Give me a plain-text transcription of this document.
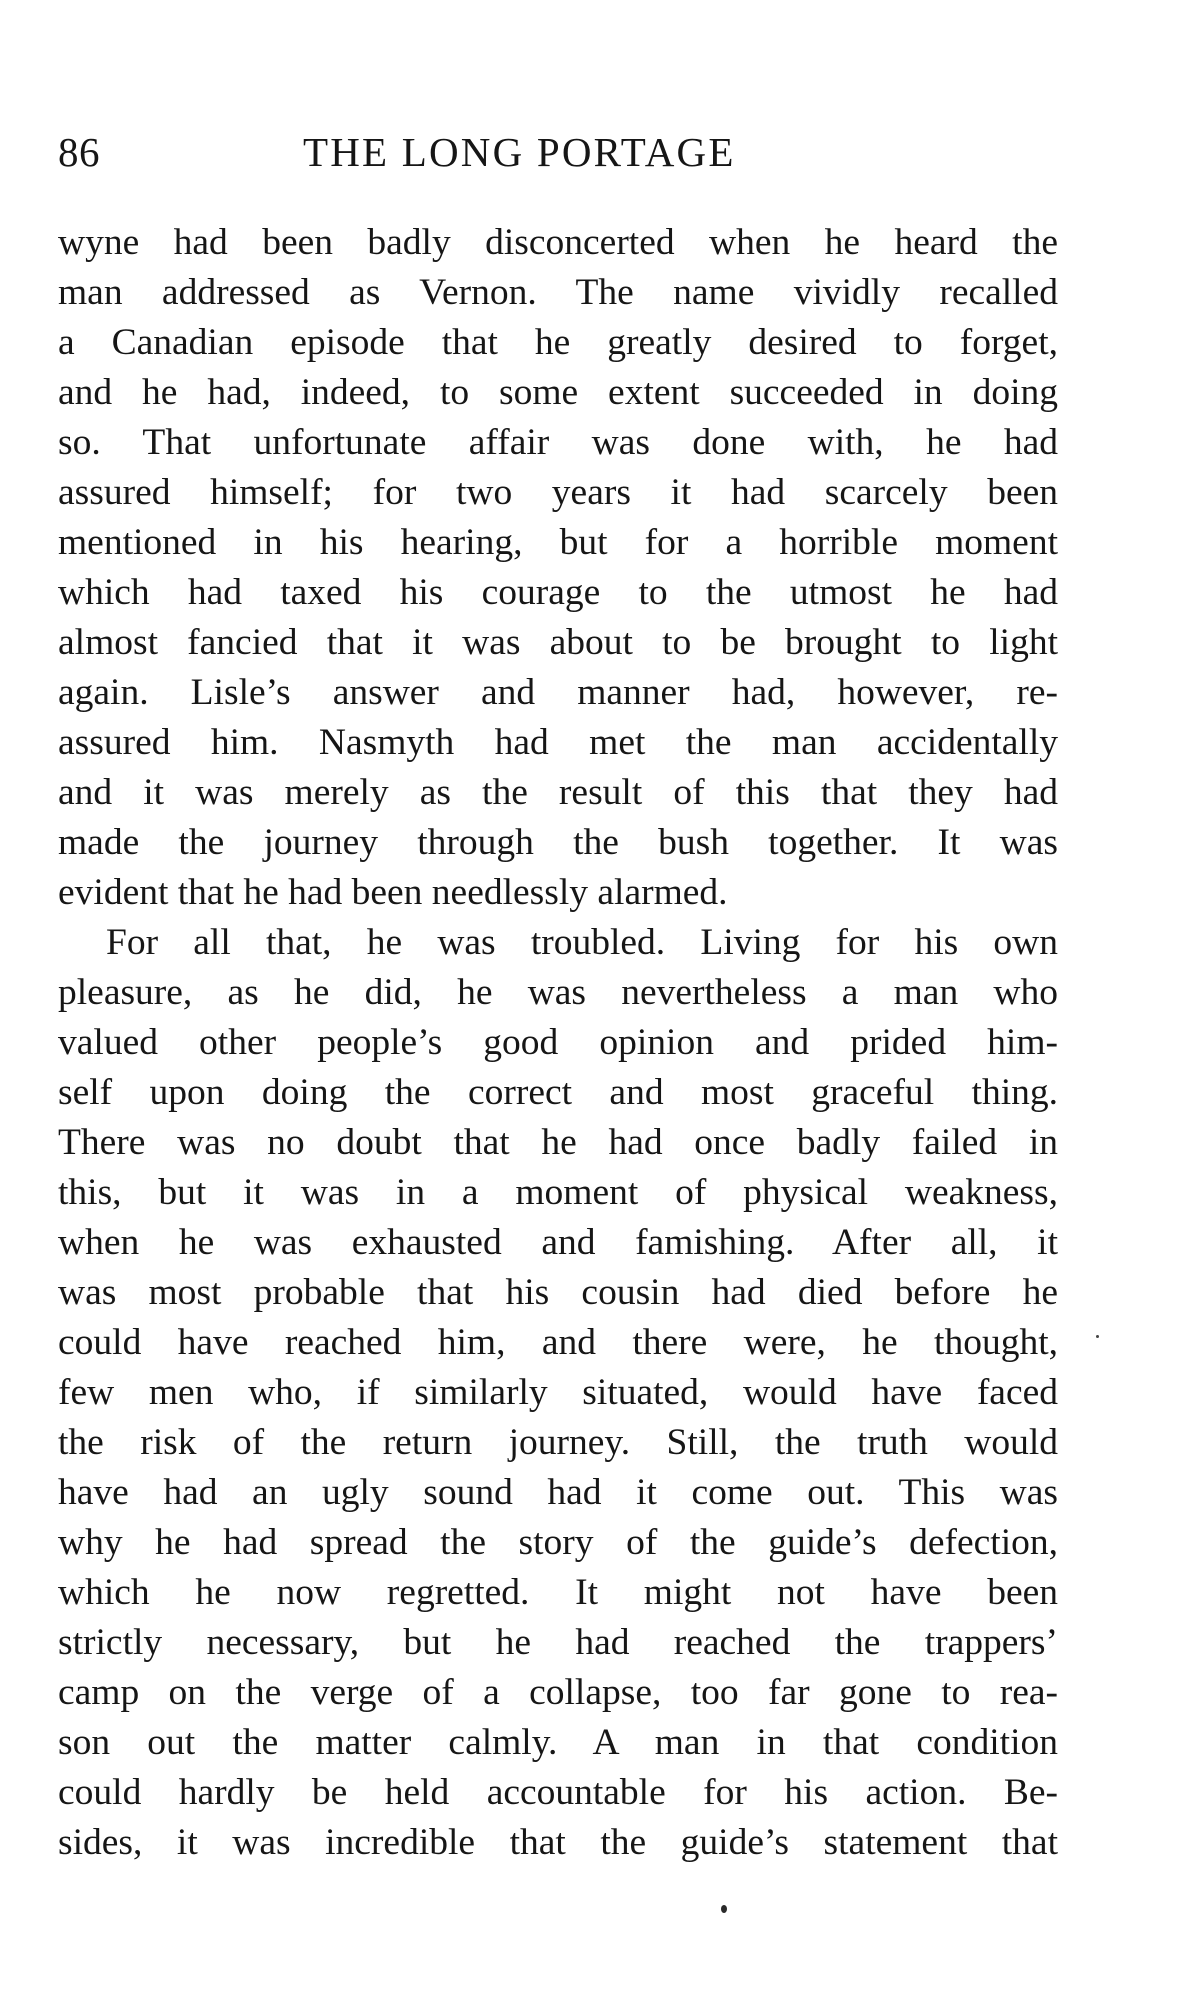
86	THE LONG PORTAGE
wyne had been badly disconcerted when he heard the
man addressed as Vernon. The name vividly recalled
a Canadian episode that he greatly desired to forget,
and he had, indeed, to some extent succeeded in doing
so. That unfortunate affair was done with, he had
assured himself; for two years it had scarcely been
mentioned in his hearing, but for a horrible moment
which had taxed his courage to the utmost he had
almost fancied that it was about to be brought to light
again. Lisle’s answer and manner had, however, re-
assured him. Nasmyth had met the man accidentally
and it was merely as the result of this that they had
made the journey through the bush together. It was
evident that he had been needlessly alarmed.
For all that, he was troubled. Living for his own
pleasure, as he did, he was nevertheless a man who
valued other people’s good opinion and prided him-
self upon doing the correct and most graceful thing.
There was no doubt that he had once badly failed in
this, but it was in a moment of physical weakness,
when he was exhausted and famishing. After all, it
was most probable that his cousin had died before he
could have reached him, and there were, he thought,
few men who, if similarly situated, would have faced
the risk of the return journey. Still, the truth would
have had an ugly sound had it come out. This was
why he had spread the story of the guide’s defection,
which he now regretted. It might not have been
strictly necessary, but he had reached the trappers’
camp on the verge of a collapse, too far gone to rea-
son out the matter calmly. A man in that condition
could hardly be held accountable for his action. Be-
sides, it was incredible that the guide’s statement that
